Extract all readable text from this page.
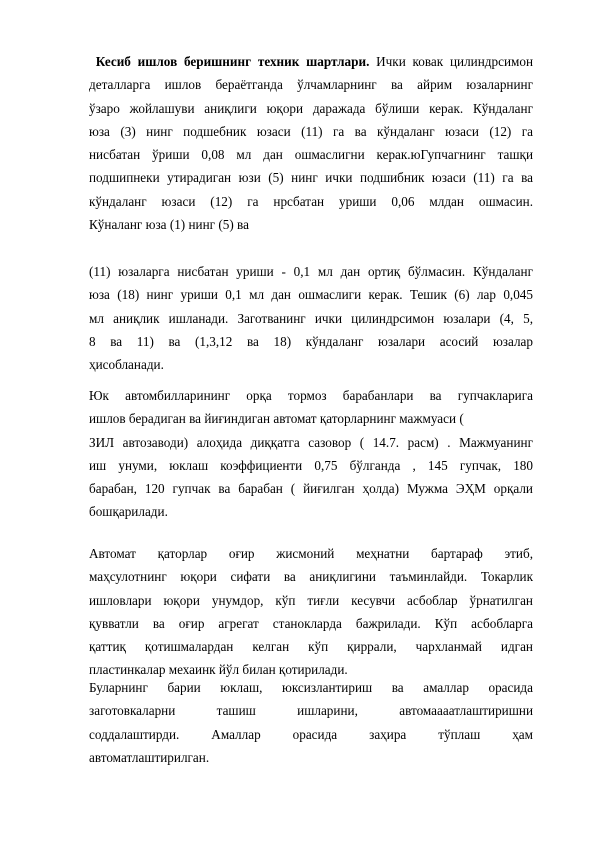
Кесиб ишлов беришнинг техник шартлари. Ички ковак цилиндрсимон
деталларга ишлов бераётганда ўлчамларнинг ва айрим юзаларнинг
ўзаро жойлашуви аниқлиги юқори даражада бўлиши керак. Кўндаланг
юза (3) нинг подшебник юзаси (11) га ва кўндаланг юзаси (12) га
нисбатан ўриши 0,08 мл дан ошмаслигни керак.юГупчагнинг ташқи
подшипнеки утирадиган юзи (5) нинг ички подшибник юзаси (11) га ва
кўндаланг юзаси (12) га нрсбатан уриши 0,06 млдан ошмасин.
Кўналанг юза (1) нинг (5) ва
(11) юзаларга нисбатан уриши - 0,1 мл дан ортиқ бўлмасин. Кўндаланг
юза (18) нинг уриши 0,1 мл дан ошмаслиги керак. Тешик (6) лар 0,045
мл аниқлик ишланади. Заготванинг ички цилиндрсимон юзалари (4, 5,
8 ва 11) ва (1,3,12 ва 18) кўндаланг юзалари асосий юзалар
ҳисобланади.
Юк автомбилларининг орқа тормоз барабанлари ва гупчакларига
ишлов берадиган ва йиғиндиган автомат қаторларнинг мажмуаси (
ЗИЛ автозаводи) алоҳида диққатга сазовор ( 14.7. расм) . Мажмуанинг
иш унуми, юклаш коэффициенти 0,75 бўлганда , 145 гупчак, 180
барабан, 120 гупчак ва барабан ( йиғилган ҳолда) Мужма ЭҲМ орқали
бошқарилади.
Автомат қаторлар оғир жисмоний меҳнатни бартараф этиб,
маҳсулотнинг юқори сифати ва аниқлигини таъминлайди. Токарлик
ишловлари юқори унумдор, кўп тиғли кесувчи асбоблар ўрнатилган
қувватли ва оғир агрегат станокларда бажрилади. Кўп асбобларга
қаттиқ қотишмалардан келган кўп қиррали, чархланмай идган
пластинкалар мехаинк йўл билан қотирилади.
Буларнинг барии юклаш, юксизлантириш ва амаллар орасида
заготовкаларни ташиш ишларини, автомаааатлаштиришни
соддалаштирди. Амаллар орасида заҳира тўплаш ҳам
автоматлаштирилган.
